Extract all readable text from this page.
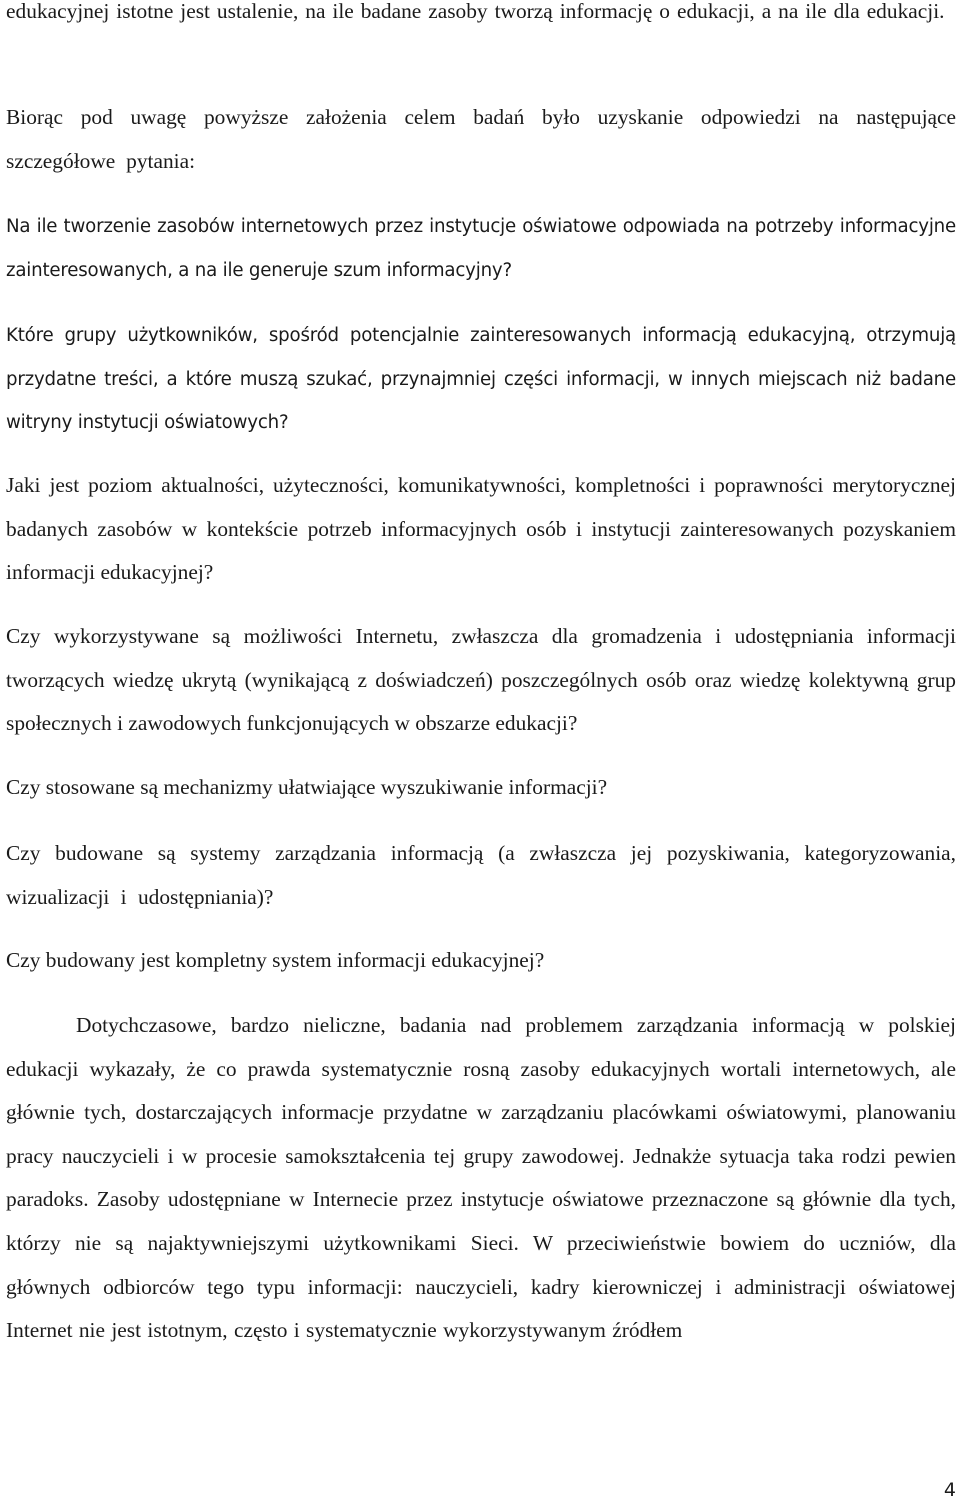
edukacyjnej istotne jest ustalenie, na ile badane zasoby tworzą informację o edukacji, a na ile dla edukacji.

Biorąc pod uwagę powyższe założenia celem badań było uzyskanie odpowiedzi na następujące szczegółowe pytania:

Na ile tworzenie zasobów internetowych przez instytucje oświatowe odpowiada na potrzeby informacyjne zainteresowanych, a na ile generuje szum informacyjny?

Które grupy użytkowników, spośród potencjalnie zainteresowanych informacją edukacyjną, otrzymują przydatne treści, a które muszą szukać, przynajmniej części informacji, w innych miejscach niż badane witryny instytucji oświatowych?

Jaki jest poziom aktualności, użyteczności, komunikatywności, kompletności i poprawności merytorycznej badanych zasobów w kontekście potrzeb informacyjnych osób i instytucji zainteresowanych pozyskaniem informacji edukacyjnej?

Czy wykorzystywane są możliwości Internetu, zwłaszcza dla gromadzenia i udostępniania informacji tworzących wiedzę ukrytą (wynikającą z doświadczeń) poszczególnych osób oraz wiedzę kolektywną grup społecznych i zawodowych funkcjonujących w obszarze edukacji?

Czy stosowane są mechanizmy ułatwiające wyszukiwanie informacji?

Czy budowane są systemy zarządzania informacją (a zwłaszcza jej pozyskiwania, kategoryzowania, wizualizacji i udostępniania)?

Czy budowany jest kompletny system informacji edukacyjnej?

Dotychczasowe, bardzo nieliczne, badania nad problemem zarządzania informacją w polskiej edukacji wykazały, że co prawda systematycznie rosną zasoby edukacyjnych wortali internetowych, ale głównie tych, dostarczających informacje przydatne w zarządzaniu placówkami oświatowymi, planowaniu pracy nauczycieli i w procesie samokształcenia tej grupy zawodowej. Jednakże sytuacja taka rodzi pewien paradoks. Zasoby udostępniane w Internecie przez instytucje oświatowe przeznaczone są głównie dla tych, którzy nie są najaktywniejszymi użytkownikami Sieci. W przeciwieństwie bowiem do uczniów, dla głównych odbiorców tego typu informacji: nauczycieli, kadry kierowniczej i administracji oświatowej Internet nie jest istotnym, często i systematycznie wykorzystywanym źródłem

4
